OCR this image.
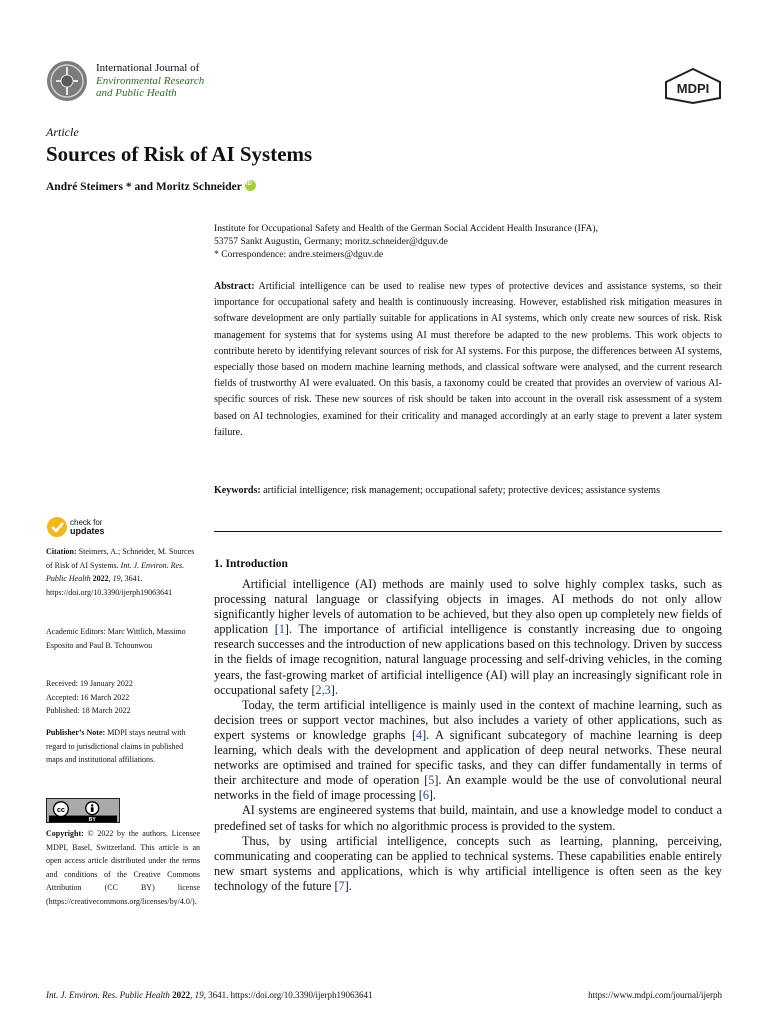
International Journal of
Environmental Research
and Public Health	MDPI
Article
Sources of Risk of AI Systems
André Steimers * and Moritz SchneideriD
Institute for Occupational Safety and Health of the German Social Accident Health Insurance (IFA),
53757 Sankt Augustin, Germany; moritz.schneider@dguv.de
* Correspondence: andre.steimers@dguv.de

Abstract: Artificial intelligence can be used to realise new types of protective devices and assistance systems, so their importance for occupational safety and health is continuously increasing. However, established risk mitigation measures in software development are only partially suitable for applications in AI systems, which only create new sources of risk. Risk management for systems that for systems using AI must therefore be adapted to the new problems. This work objects to contribute hereto by identifying relevant sources of risk for AI systems. For this purpose, the differences between AI systems, especially those based on modern machine learning methods, and classical software were analysed, and the current research fields of trustworthy AI were evaluated. On this basis, a taxonomy could be created that provides an overview of various AI-specific sources of risk. These new sources of risk should be taken into account in the overall risk assessment of a system based on AI technologies, examined for their criticality and managed accordingly at an early stage to prevent a later system failure.

Keywords: artificial intelligence; risk management; occupational safety; protective devices; assistance systems

1. Introduction

Artificial intelligence (AI) methods are mainly used to solve highly complex tasks, such as processing natural language or classifying objects in images. AI methods do not only allow significantly higher levels of automation to be achieved, but they also open up completely new fields of application [1]. The importance of artificial intelligence is constantly increasing due to ongoing research successes and the introduction of new applications based on this technology. Driven by success in the fields of image recognition, natural language processing and self-driving vehicles, in the coming years, the fast-growing market of artificial intelligence (AI) will play an increasingly significant role in occupational safety [2,3].

Today, the term artificial intelligence is mainly used in the context of machine learning, such as decision trees or support vector machines, but also includes a variety of other applications, such as expert systems or knowledge graphs [4]. A significant subcategory of machine learning is deep learning, which deals with the development and application of deep neural networks. These neural networks are optimised and trained for specific tasks, and they can differ fundamentally in terms of their architecture and mode of operation [5]. An example would be the use of convolutional neural networks in the field of image processing [6].

AI systems are engineered systems that build, maintain, and use a knowledge model to conduct a predefined set of tasks for which no algorithmic process is provided to the system.

Thus, by using artificial intelligence, concepts such as learning, planning, perceiving, communicating and cooperating can be applied to technical systems. These capabilities enable entirely new smart systems and applications, which is why artificial intelligence is often seen as the key technology of the future [7].

check for
updates
Citation: Steimers, A.; Schneider, M. Sources of Risk of AI Systems. Int. J. Environ. Res. Public Health 2022, 19, 3641. https://doi.org/10.3390/ijerph19063641
Academic Editors: Marc Wittlich, Massimo Esposito and Paul B. Tchounwou

Received: 19 January 2022

Accepted: 16 March 2022

Published: 18 March 2022

Publisher’s Note: MDPI stays neutral with regard to jurisdictional claims in published maps and institutional affiliations.
cc
BY
Copyright: © 2022 by the authors. Licensee MDPI, Basel, Switzerland. This article is an open access article distributed under the terms and conditions of the Creative Commons Attribution (CC BY) license (https://creativecommons.org/licenses/by/4.0/).
Int. J. Environ. Res. Public Health 2022, 19, 3641. https://doi.org/10.3390/ijerph19063641	https://www.mdpi.com/journal/ijerph
